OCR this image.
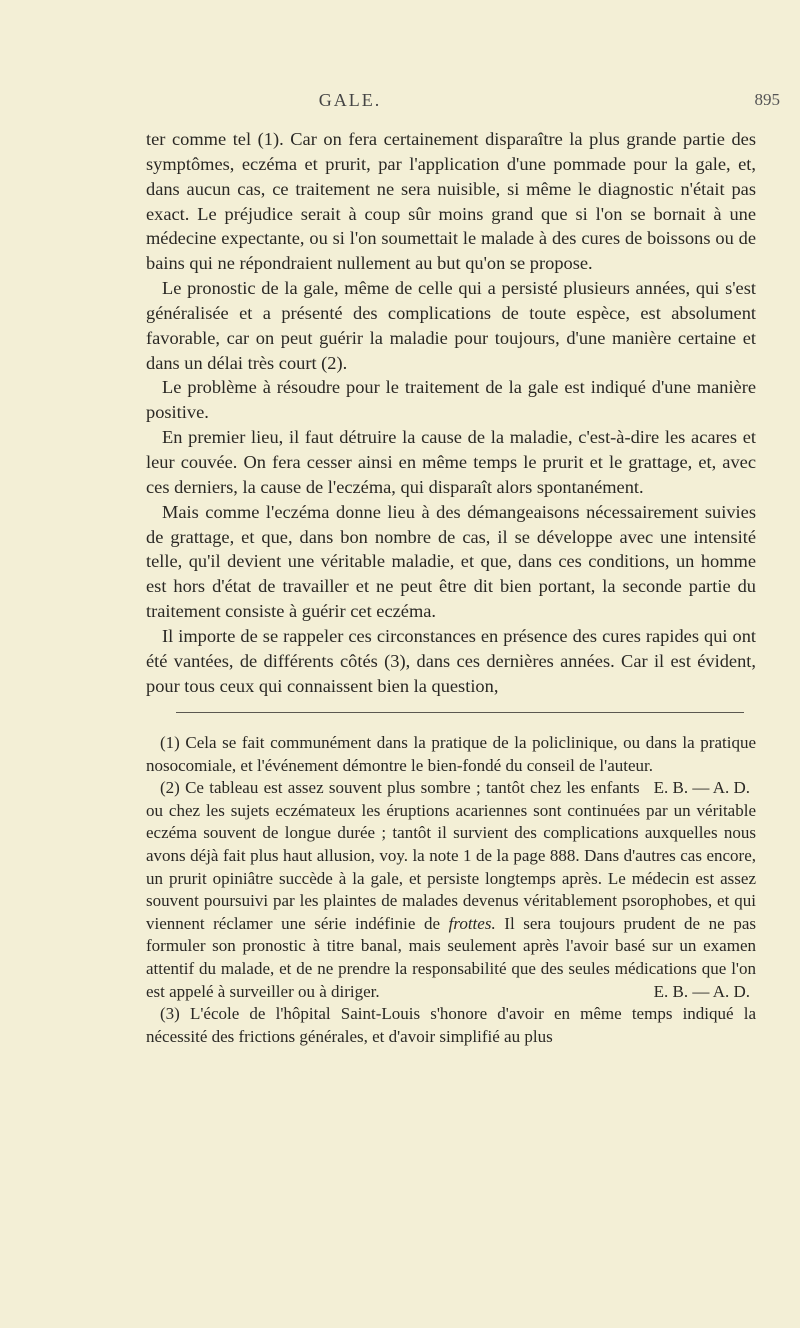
GALE.	895

ter comme tel (1). Car on fera certainement disparaître la plus grande partie des symptômes, eczéma et prurit, par l'application d'une pommade pour la gale, et, dans aucun cas, ce traitement ne sera nuisible, si même le diagnostic n'était pas exact. Le préjudice serait à coup sûr moins grand que si l'on se bornait à une médecine expectante, ou si l'on soumettait le malade à des cures de boissons ou de bains qui ne répondraient nullement au but qu'on se propose.

Le pronostic de la gale, même de celle qui a persisté plusieurs années, qui s'est généralisée et a présenté des complications de toute espèce, est absolument favorable, car on peut guérir la maladie pour toujours, d'une manière certaine et dans un délai très court (2).

Le problème à résoudre pour le traitement de la gale est indiqué d'une manière positive.

En premier lieu, il faut détruire la cause de la maladie, c'est-à-dire les acares et leur couvée. On fera cesser ainsi en même temps le prurit et le grattage, et, avec ces derniers, la cause de l'eczéma, qui disparaît alors spontanément.

Mais comme l'eczéma donne lieu à des démangeaisons nécessairement suivies de grattage, et que, dans bon nombre de cas, il se développe avec une intensité telle, qu'il devient une véritable maladie, et que, dans ces conditions, un homme est hors d'état de travailler et ne peut être dit bien portant, la seconde partie du traitement consiste à guérir cet eczéma.

Il importe de se rappeler ces circonstances en présence des cures rapides qui ont été vantées, de différents côtés (3), dans ces dernières années. Car il est évident, pour tous ceux qui connaissent bien la question,

(1) Cela se fait communément dans la pratique de la policlinique, ou dans la pratique nosocomiale, et l'événement démontre le bien-fondé du conseil de l'auteur.
E. B. — A. D.

(2) Ce tableau est assez souvent plus sombre ; tantôt chez les enfants ou chez les sujets eczémateux les éruptions acariennes sont continuées par un véritable eczéma souvent de longue durée ; tantôt il survient des complications auxquelles nous avons déjà fait plus haut allusion, voy. la note 1 de la page 888. Dans d'autres cas encore, un prurit opiniâtre succède à la gale, et persiste longtemps après. Le médecin est assez souvent poursuivi par les plaintes de malades devenus véritablement psorophobes, et qui viennent réclamer une série indéfinie de frottes. Il sera toujours prudent de ne pas formuler son pronostic à titre banal, mais seulement après l'avoir basé sur un examen attentif du malade, et de ne prendre la responsabilité que des seules médications que l'on est appelé à surveiller ou à diriger.	E. B. — A. D.

(3) L'école de l'hôpital Saint-Louis s'honore d'avoir en même temps indiqué la nécessité des frictions générales, et d'avoir simplifié au plus
